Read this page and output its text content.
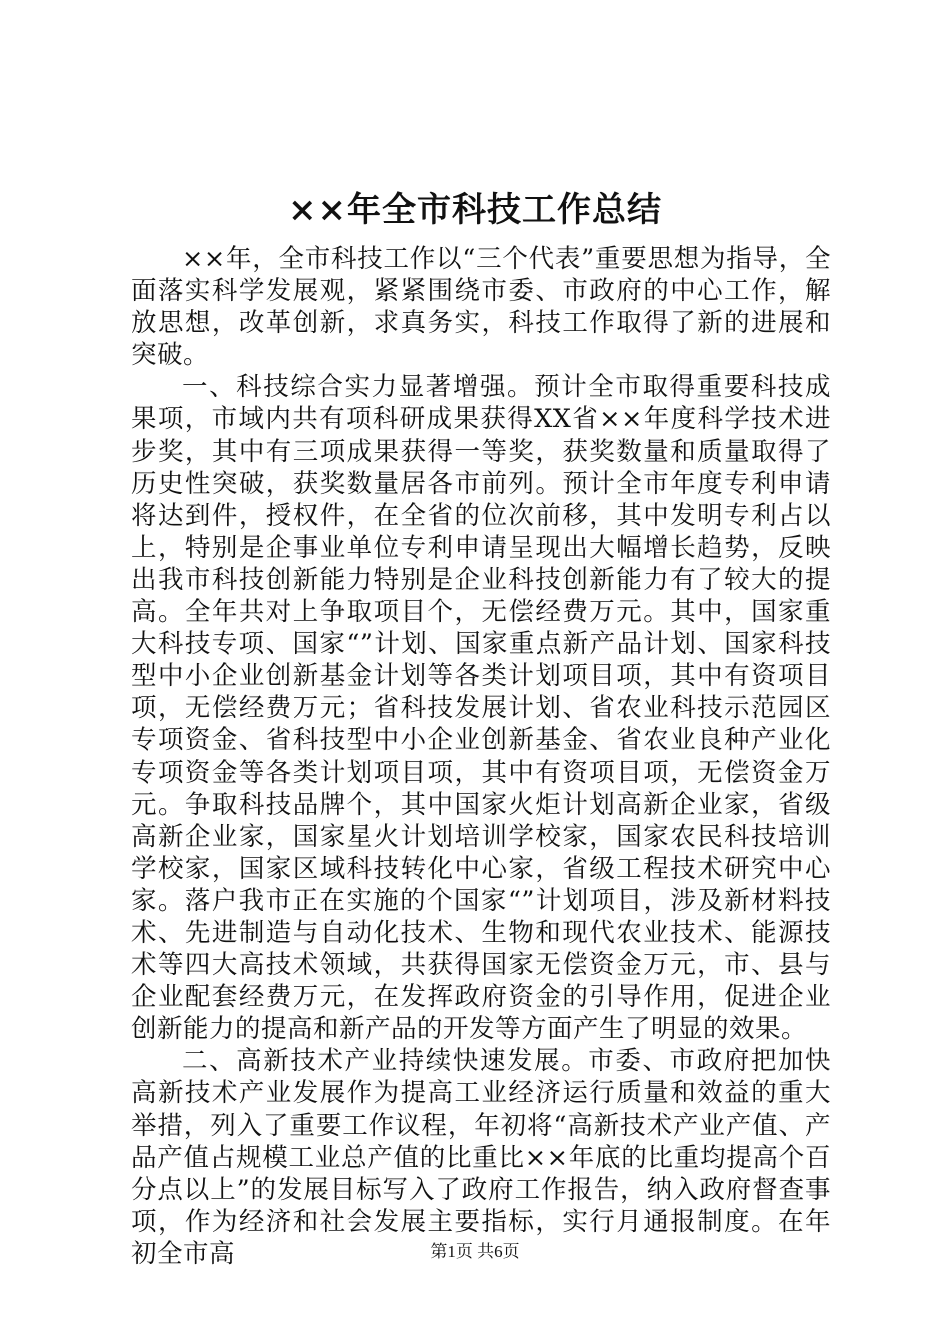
××年全市科技工作总结

××年，全市科技工作以“三个代表”重要思想为指导，全面落实科学发展观，紧紧围绕市委、市政府的中心工作，解放思想，改革创新，求真务实，科技工作取得了新的进展和突破。

一、科技综合实力显著增强。预计全市取得重要科技成果项，市域内共有项科研成果获得XX省××年度科学技术进步奖，其中有三项成果获得一等奖，获奖数量和质量取得了历史性突破，获奖数量居各市前列。预计全市年度专利申请将达到件，授权件，在全省的位次前移，其中发明专利占以上，特别是企事业单位专利申请呈现出大幅增长趋势，反映出我市科技创新能力特别是企业科技创新能力有了较大的提高。全年共对上争取项目个，无偿经费万元。其中，国家重大科技专项、国家“”计划、国家重点新产品计划、国家科技型中小企业创新基金计划等各类计划项目项，其中有资项目项，无偿经费万元；省科技发展计划、省农业科技示范园区专项资金、省科技型中小企业创新基金、省农业良种产业化专项资金等各类计划项目项，其中有资项目项，无偿资金万元。争取科技品牌个，其中国家火炬计划高新企业家，省级高新企业家，国家星火计划培训学校家，国家农民科技培训学校家，国家区域科技转化中心家，省级工程技术研究中心家。落户我市正在实施的个国家“”计划项目，涉及新材料技术、先进制造与自动化技术、生物和现代农业技术、能源技术等四大高技术领域，共获得国家无偿资金万元，市、县与企业配套经费万元，在发挥政府资金的引导作用，促进企业创新能力的提高和新产品的开发等方面产生了明显的效果。

二、高新技术产业持续快速发展。市委、市政府把加快高新技术产业发展作为提高工业经济运行质量和效益的重大举措，列入了重要工作议程，年初将“高新技术产业产值、产品产值占规模工业总产值的比重比××年底的比重均提高个百分点以上”的发展目标写入了政府工作报告，纳入政府督查事项，作为经济和社会发展主要指标，实行月通报制度。在年初全市高	第1页 共6页
